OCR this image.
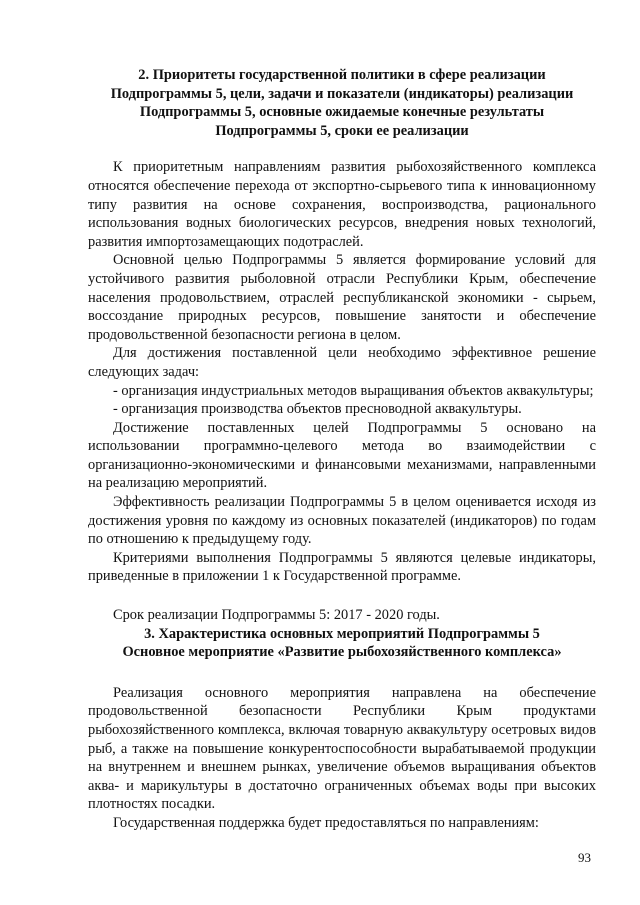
2. Приоритеты государственной политики в сфере реализации Подпрограммы 5, цели, задачи и показатели (индикаторы) реализации Подпрограммы 5, основные ожидаемые конечные результаты Подпрограммы 5, сроки ее реализации

К приоритетным направлениям развития рыбохозяйственного комплекса относятся обеспечение перехода от экспортно-сырьевого типа к инновационному типу развития на основе сохранения, воспроизводства, рационального использования водных биологических ресурсов, внедрения новых технологий, развития импортозамещающих подотраслей.

Основной целью Подпрограммы 5 является формирование условий для устойчивого развития рыболовной отрасли Республики Крым, обеспечение населения продовольствием, отраслей республиканской экономики - сырьем, воссоздание природных ресурсов, повышение занятости и обеспечение продовольственной безопасности региона в целом.

Для достижения поставленной цели необходимо эффективное решение следующих задач:

- организация индустриальных методов выращивания объектов аквакультуры;

- организация производства объектов пресноводной аквакультуры.

Достижение поставленных целей Подпрограммы 5 основано на использовании программно-целевого метода во взаимодействии с организационно-экономическими и финансовыми механизмами, направленными на реализацию мероприятий.

Эффективность реализации Подпрограммы 5 в целом оценивается исходя из достижения уровня по каждому из основных показателей (индикаторов) по годам по отношению к предыдущему году.

Критериями выполнения Подпрограммы 5 являются целевые индикаторы, приведенные в приложении 1 к Государственной программе.

Срок реализации Подпрограммы 5: 2017 - 2020 годы.

3. Характеристика основных мероприятий Подпрограммы 5

Основное мероприятие «Развитие рыбохозяйственного комплекса»

Реализация основного мероприятия направлена на обеспечение продовольственной безопасности Республики Крым продуктами рыбохозяйственного комплекса, включая товарную аквакультуру осетровых видов рыб, а также на повышение конкурентоспособности вырабатываемой продукции на внутреннем и внешнем рынках, увеличение объемов выращивания объектов аква- и марикультуры в достаточно ограниченных объемах воды при высоких плотностях посадки.

Государственная поддержка будет предоставляться по направлениям:

93
